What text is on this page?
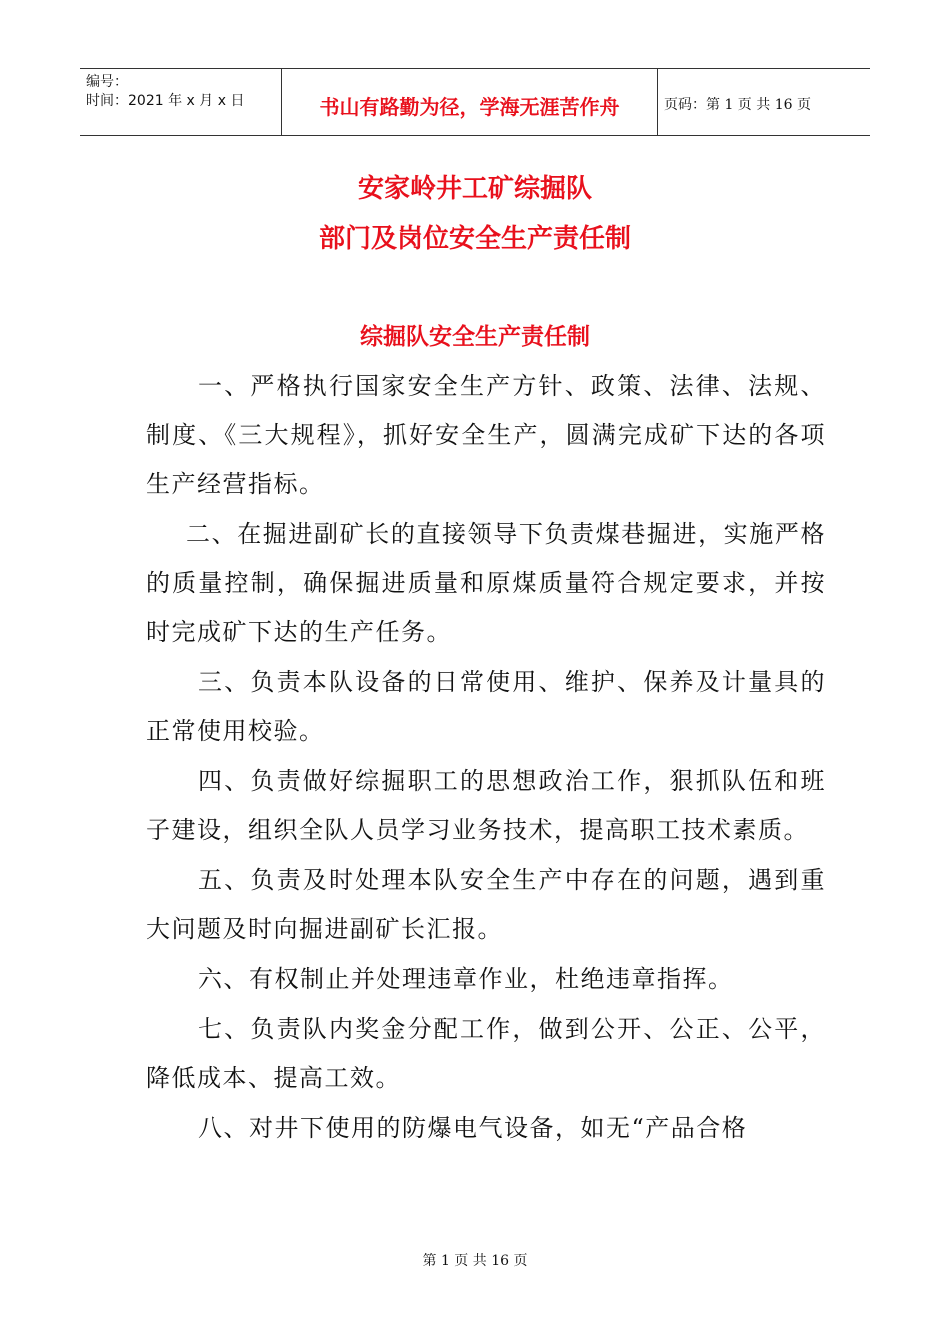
编号：
时间：2021 年 x 月 x 日	书山有路勤为径，学海无涯苦作舟	页码：第 1 页 共 16 页
安家岭井工矿综掘队
部门及岗位安全生产责任制
综掘队安全生产责任制

一、严格执行国家安全生产方针、政策、法律、法规、制度、《三大规程》，抓好安全生产，圆满完成矿下达的各项生产经营指标。

二、在掘进副矿长的直接领导下负责煤巷掘进，实施严格的质量控制，确保掘进质量和原煤质量符合规定要求，并按时完成矿下达的生产任务。

三、负责本队设备的日常使用、维护、保养及计量具的正常使用校验。

四、负责做好综掘职工的思想政治工作，狠抓队伍和班子建设，组织全队人员学习业务技术，提高职工技术素质。

五、负责及时处理本队安全生产中存在的问题，遇到重大问题及时向掘进副矿长汇报。

六、有权制止并处理违章作业，杜绝违章指挥。

七、负责队内奖金分配工作，做到公开、公正、公平，降低成本、提高工效。

八、对井下使用的防爆电气设备，如无“产品合格

第 1 页 共 16 页
